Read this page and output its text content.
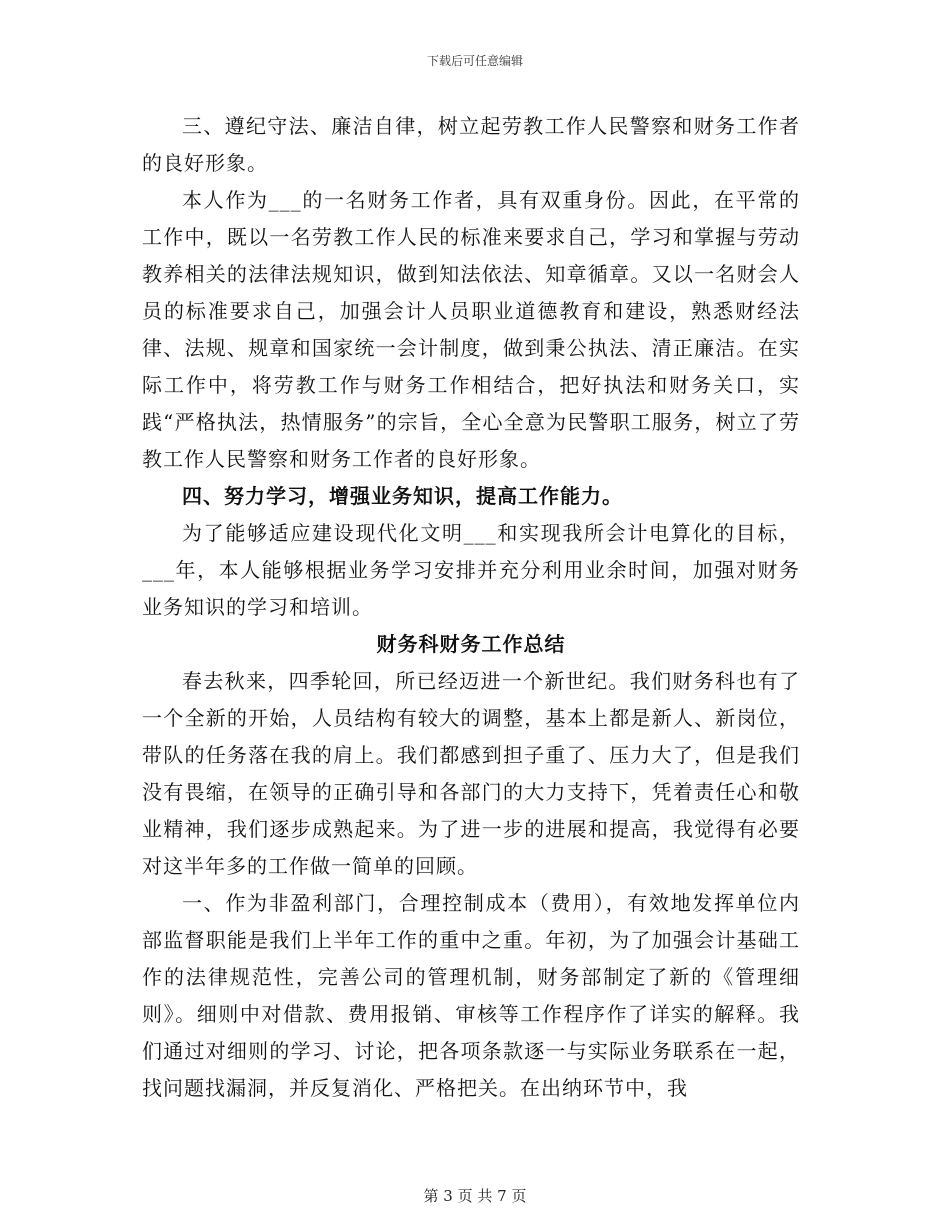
下载后可任意编辑

三、遵纪守法、廉洁自律，树立起劳教工作人民警察和财务工作者的良好形象。

本人作为___的一名财务工作者，具有双重身份。因此，在平常的工作中，既以一名劳教工作人民的标准来要求自己，学习和掌握与劳动教养相关的法律法规知识，做到知法依法、知章循章。又以一名财会人员的标准要求自己，加强会计人员职业道德教育和建设，熟悉财经法律、法规、规章和国家统一会计制度，做到秉公执法、清正廉洁。在实际工作中，将劳教工作与财务工作相结合，把好执法和财务关口，实践“严格执法，热情服务”的宗旨，全心全意为民警职工服务，树立了劳教工作人民警察和财务工作者的良好形象。

四、努力学习，增强业务知识，提高工作能力。

为了能够适应建设现代化文明___和实现我所会计电算化的目标，___年，本人能够根据业务学习安排并充分利用业余时间，加强对财务业务知识的学习和培训。

财务科财务工作总结

春去秋来，四季轮回，所已经迈进一个新世纪。我们财务科也有了一个全新的开始，人员结构有较大的调整，基本上都是新人、新岗位，带队的任务落在我的肩上。我们都感到担子重了、压力大了，但是我们没有畏缩，在领导的正确引导和各部门的大力支持下，凭着责任心和敬业精神，我们逐步成熟起来。为了进一步的进展和提高，我觉得有必要对这半年多的工作做一简单的回顾。

一、作为非盈利部门，合理控制成本（费用），有效地发挥单位内部监督职能是我们上半年工作的重中之重。年初，为了加强会计基础工作的法律规范性，完善公司的管理机制，财务部制定了新的《管理细则》。细则中对借款、费用报销、审核等工作程序作了详实的解释。我们通过对细则的学习、讨论，把各项条款逐一与实际业务联系在一起，找问题找漏洞，并反复消化、严格把关。在出纳环节中，我

第 3 页 共 7 页
